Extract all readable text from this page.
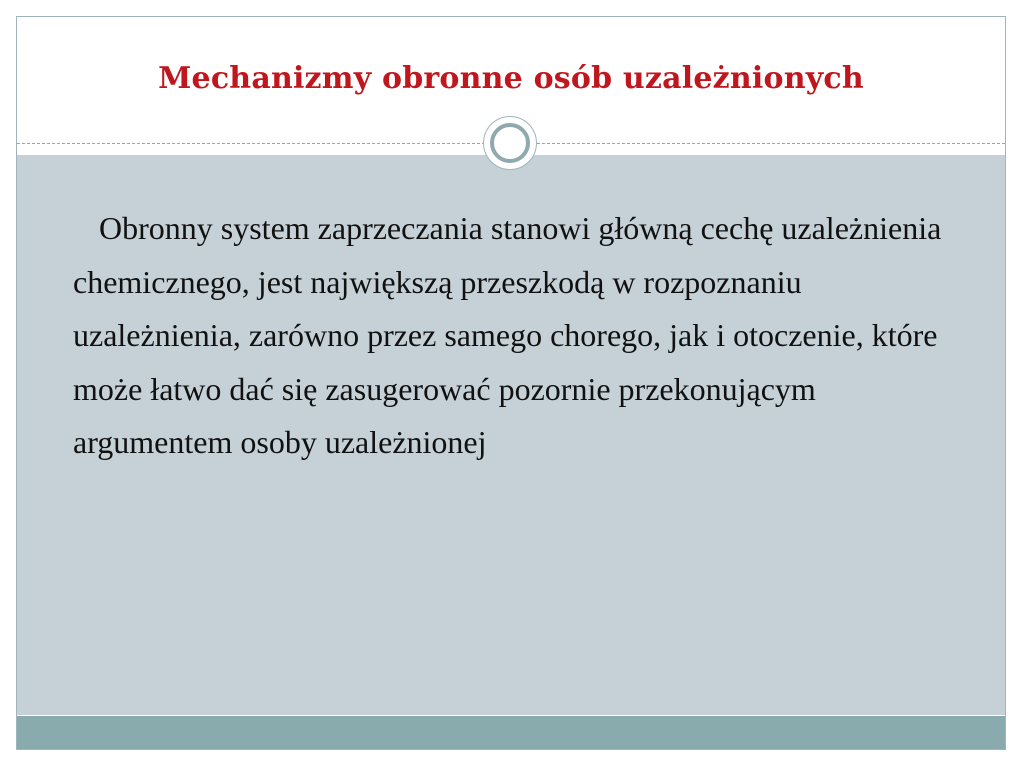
Mechanizmy obronne osób uzależnionych

Obronny system zaprzeczania stanowi główną cechę uzależnienia chemicznego, jest największą przeszkodą w rozpoznaniu uzależnienia, zarówno przez samego chorego, jak i otoczenie, które może łatwo dać się zasugerować pozornie przekonującym argumentem osoby uzależnionej
